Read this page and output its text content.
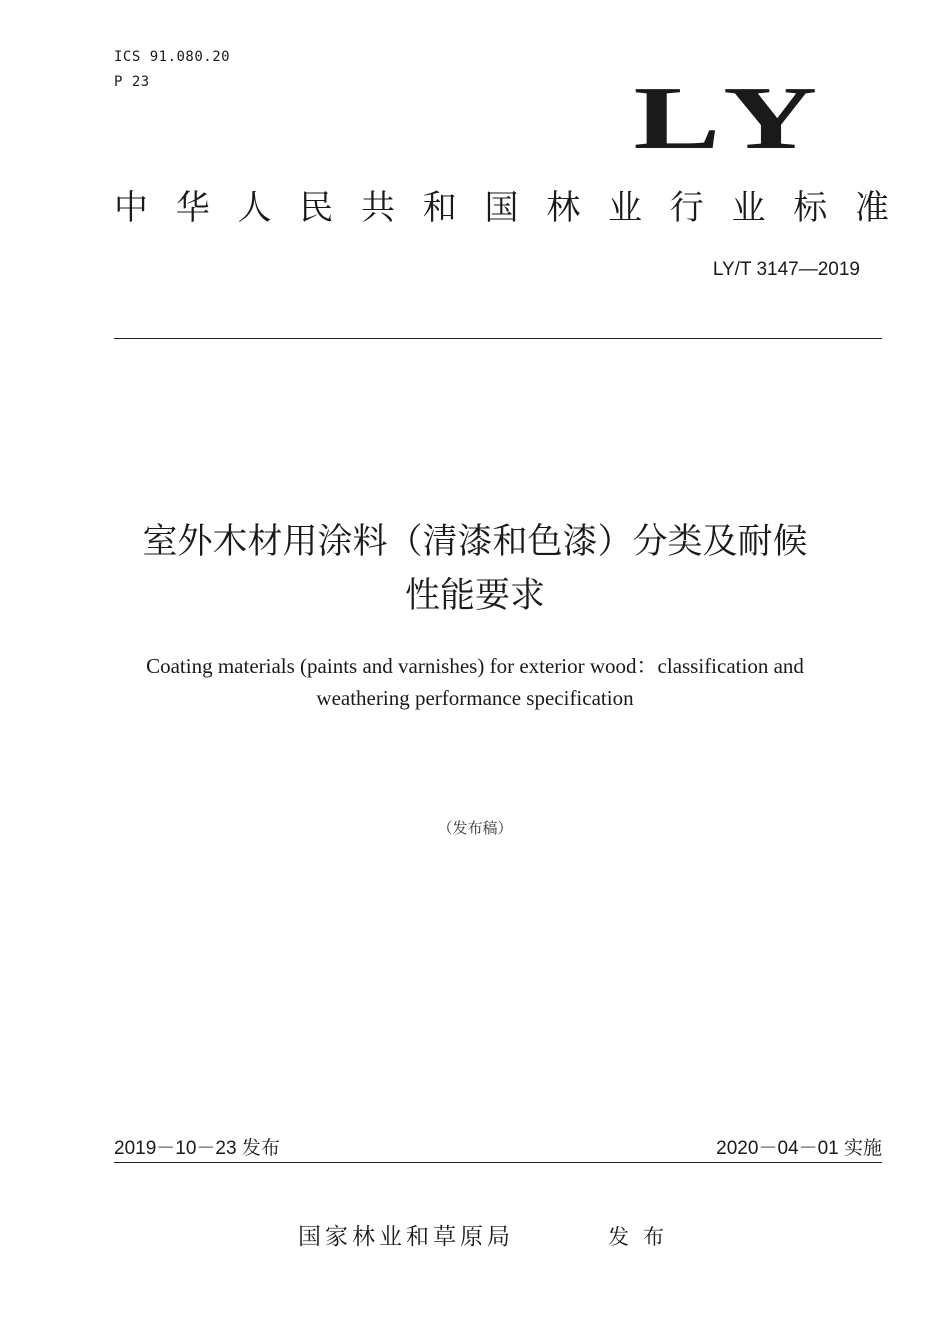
ICS 91.080.20
P 23	LY
中 华 人 民 共 和 国 林 业 行 业 标 准
LY/T 3147—2019
室外木材用涂料（清漆和色漆）分类及耐候
性能要求
Coating materials (paints and varnishes) for exterior wood：classification and
weathering performance specification
（发布稿）
2019－10－23 发布	2020－04－01 实施
国家林业和草原局	发布
